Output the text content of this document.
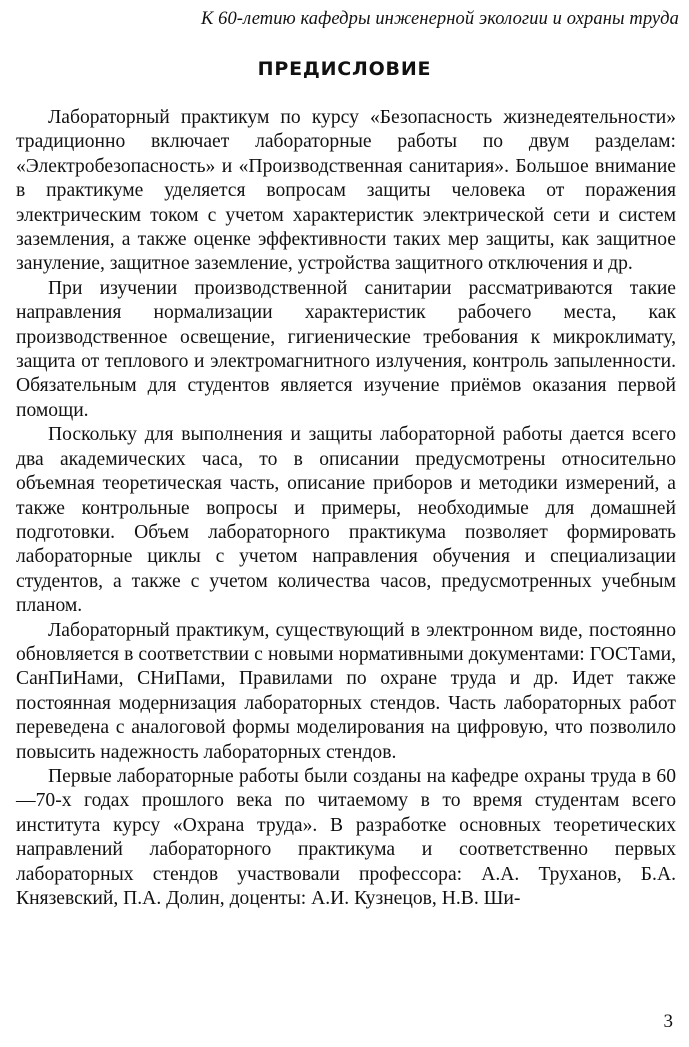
К 60-летию кафедры инженерной экологии и охраны труда
ПРЕДИСЛОВИЕ

Лабораторный практикум по курсу «Безопасность жизнедеятельности» традиционно включает лабораторные работы по двум разделам: «Электробезопасность» и «Производственная санитария». Большое внимание в практикуме уделяется вопросам защиты человека от поражения электрическим током с учетом характеристик электрической сети и систем заземления, а также оценке эффективности таких мер защиты, как защитное зануление, защитное заземление, устройства защитного отключения и др.

При изучении производственной санитарии рассматриваются такие направления нормализации характеристик рабочего места, как производственное освещение, гигиенические требования к микроклимату, защита от теплового и электромагнитного излучения, контроль запыленности. Обязательным для студентов является изучение приёмов оказания первой помощи.

Поскольку для выполнения и защиты лабораторной работы дается всего два академических часа, то в описании предусмотрены относительно объемная теоретическая часть, описание приборов и методики измерений, а также контрольные вопросы и примеры, необходимые для домашней подготовки. Объем лабораторного практикума позволяет формировать лабораторные циклы с учетом направления обучения и специализации студентов, а также с учетом количества часов, предусмотренных учебным планом.

Лабораторный практикум, существующий в электронном виде, постоянно обновляется в соответствии с новыми нормативными документами: ГОСТами, СанПиНами, СНиПами, Правилами по охране труда и др. Идет также постоянная модернизация лабораторных стендов. Часть лабораторных работ переведена с аналоговой формы моделирования на цифровую, что позволило повысить надежность лабораторных стендов.

Первые лабораторные работы были созданы на кафедре охраны труда в 60—70-х годах прошлого века по читаемому в то время студентам всего института курсу «Охрана труда». В разработке основных теоретических направлений лабораторного практикума и соответственно первых лабораторных стендов участвовали профессора: А.А. Труханов, Б.А. Князевский, П.А. Долин, доценты: А.И. Кузнецов, Н.В. Ши-

3
